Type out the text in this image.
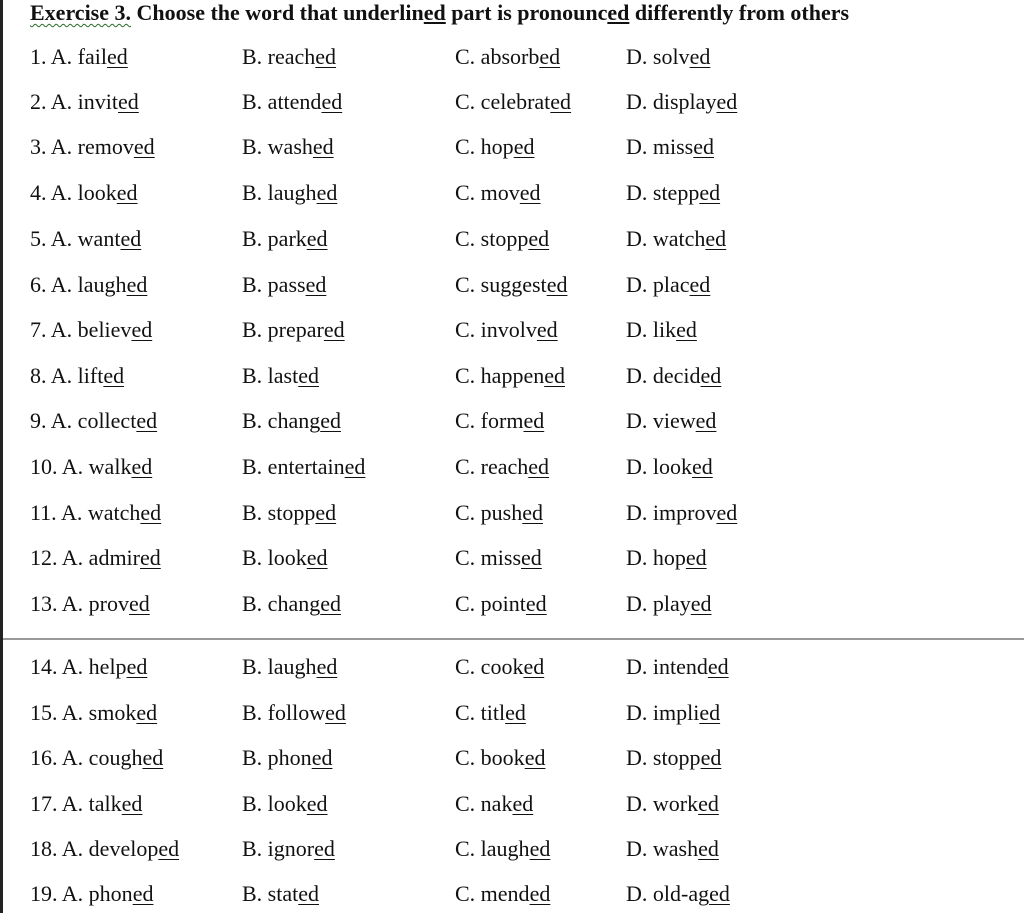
Exercise 3. Choose the word that underlined part is pronounced differently from others
1. A. failed	B. reached	C. absorbed	D. solved
2. A. invited	B. attended	C. celebrated D. displayed
3. A. removed	B. washed	C. hoped	D. missed
4. A. looked	B. laughed	C. moved	D. stepped
5. A. wanted	B. parked	C. stopped	D. watched
6. A. laughed	B. passed	C. suggested	D. placed
7. A. believed	B. prepared	C. involved	D. liked
8. A. lifted	B. lasted	C. happened	D. decided
9. A. collected	B. changed	C. formed	D. viewed
10. A. walked	B. entertained	C. reached	D. looked
11. A. watched	B. stopped	C. pushed	D. improved
12. A. admired	B. looked	C. missed	D. hoped
13. A. proved	B. changed	C. pointed	D. played
14. A. helped	B. laughed	C. cooked	D. intended
15. A. smoked	B. followed	C. titled	D. implied
16. A. coughed	B. phoned	C. booked	D. stopped
17. A. talked	B. looked	C. naked	D. worked
18. A. developed	B. ignored	C. laughed	D. washed
19. A. phoned	B. stated	C. mended	D. old-aged
